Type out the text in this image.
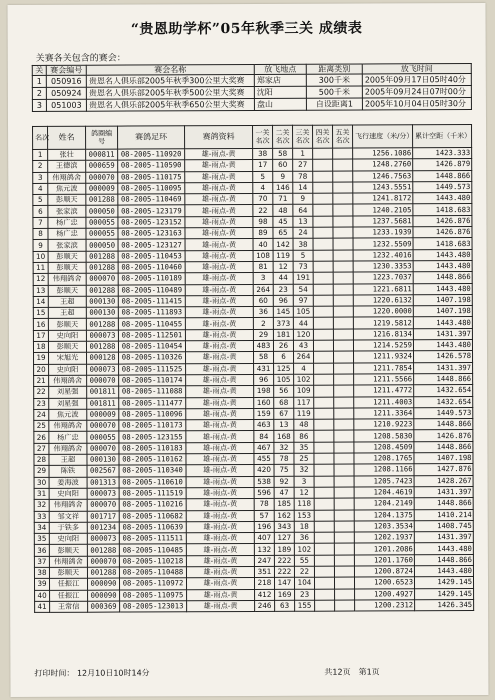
“贵恩助学杯”05年秋季三关 成绩表
关赛各关包含的赛会：
关	赛会编号	赛会名称	放飞地点	距离类别	放飞时间
1	050916	贵恩名人俱乐部2005年秋季300公里大奖赛	郑家店	300千米	2005年09月17日05时40分
2	050924	贵恩名人俱乐部2005年秋季500公里大奖赛	沈阳	500千米	2005年09月24日07时00分
3	051003	贵恩名人俱乐部2005年秋季650公里大奖赛	盘山	自设距离1	2005年10月04日05时30分
名次	姓名	鸽圈编号	赛鸽足环	赛鸽资料	一关名次	二关名次	三关名次	四关名次	五关名次	飞行速度（米/分）	累计空距（千米）
1	张壮	000811	08-2005-110920	雄-雨点-黄	38	58	1			1256.1086	1423.333
2	王德滨	000659	08-2005-110590	雄-雨点-黄	17	60	27			1248.2760	1426.879
3	伟翔鸽舍	000070	08-2005-110175	雄-雨点-黄	5	9	78			1246.7563	1448.866
4	焦元波	000009	08-2005-110095	雄-雨点-黄	4	146	14			1243.5551	1449.573
5	彭顺天	001288	08-2005-110469	雄-雨点-黄	70	71	9			1241.8172	1443.480
6	张家滨	000050	08-2005-123179	雄-雨点-黄	22	48	64			1240.2105	1418.683
7	杨广忠	000055	08-2005-123152	雄-雨点-黄	98	45	13			1237.5681	1426.876
8	杨广忠	000055	08-2005-123163	雄-雨点-黄	89	65	24			1233.1939	1426.876
9	张家滨	000050	08-2005-123127	雄-雨点-黄	40	142	38			1232.5509	1418.683
10	彭顺天	001288	08-2005-110453	雄-雨点-黄	108	119	5			1232.4016	1443.480
11	彭顺天	001288	08-2005-110460	雄-雨点-黄	81	12	73			1230.3353	1443.480
12	伟翔鸽舍	000070	08-2005-110189	雄-雨点-黄	3	44	191			1223.7037	1448.866
13	彭顺天	001288	08-2005-110489	雄-雨点-黄	264	23	54			1221.6811	1443.480
14	王超	000130	08-2005-111415	雄-雨点-黄	60	96	97			1220.6132	1407.198
15	王超	000130	08-2005-111893	雄-雨点-黄	36	145	105			1220.0000	1407.198
16	彭顺天	001288	08-2005-110455	雄-雨点-黄	2	373	44			1219.5812	1443.480
17	史向阳	000073	08-2005-112501	雄-雨点-黄	29	181	120			1216.8134	1431.397
18	彭顺天	001288	08-2005-110454	雄-雨点-黄	483	26	43			1214.5259	1443.480
19	宋旭光	000128	08-2005-110326	雄-雨点-黄	58	6	264			1211.9324	1426.578
20	史向阳	000073	08-2005-111525	雄-雨点-黄	431	125	4			1211.7854	1431.397
21	伟翔鸽舍	000070	08-2005-110174	雄-雨点-黄	96	105	102			1211.5566	1448.866
22	刘星强	001811	08-2005-111088	雄-雨点-黄	198	56	109			1211.4772	1432.654
23	刘星强	001811	08-2005-111477	雄-雨点-黄	160	68	117			1211.4003	1432.654
24	焦元波	000009	08-2005-110096	雄-雨点-黄	159	67	119			1211.3364	1449.573
25	伟翔鸽舍	000070	08-2005-110173	雄-雨点-黄	463	13	48			1210.9223	1448.866
26	杨广忠	000055	08-2005-123155	雄-雨点-黄	84	168	86			1208.5830	1426.876
27	伟翔鸽舍	000070	08-2005-110183	雄-雨点-黄	467	32	35			1208.4509	1448.866
28	王超	000130	08-2005-110162	雄-雨点-黄	455	78	25			1208.1765	1407.198
29	陈铁	002567	08-2005-110340	雄-雨点-黄	420	75	32			1208.1166	1427.876
30	姜海波	001313	08-2005-110610	雄-雨点-黄	538	92	3			1205.7423	1428.267
31	史向阳	000073	08-2005-111519	雄-雨点-黄	596	47	12			1204.4619	1431.397
32	伟翔鸽舍	000070	08-2005-110216	雄-雨点-黄	78	185	118			1204.2149	1448.866
33	邹文祥	001717	08-2005-110682	雄-雨点-黄	57	162	153			1204.1375	1410.214
34	于铁多	001234	08-2005-110639	雄-雨点-黄	196	343	18			1203.3534	1408.745
35	史向阳	000073	08-2005-111511	雄-雨点-黄	407	127	36			1202.1937	1431.397
36	彭顺天	001288	08-2005-110485	雄-雨点-黄	132	189	102			1201.2086	1443.480
37	伟翔鸽舍	000070	08-2005-110218	雄-雨点-黄	247	222	55			1201.1760	1448.866
38	彭顺天	001288	08-2005-110488	雄-雨点-黄	351	222	22			1200.8724	1443.480
39	任振江	000090	08-2005-110972	雄-雨点-黄	218	147	104			1200.6523	1429.145
40	任振江	000090	08-2005-110975	雄-雨点-黄	412	169	23			1200.4927	1429.145
41	王常信	000369	08-2005-123013	雄-雨点-黄	246	63	155			1200.2312	1426.345
打印时间： 12月10日10时14分	共12页　第1页
